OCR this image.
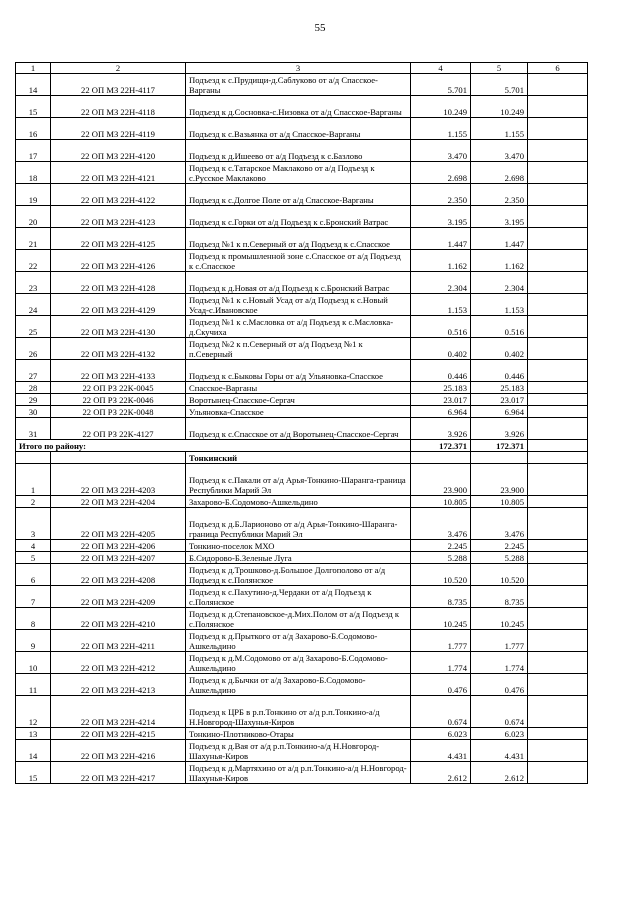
55
1	2	3	4	5	6
14	22 ОП МЗ 22Н-4117	Подъезд к с.Прудищи-д.Саблуково от а/д Спасское-Варганы	5.701	5.701	
15	22 ОП МЗ 22Н-4118	Подъезд к д.Сосновка-с.Низовка от а/д Спасское-Варганы	10.249	10.249	
16	22 ОП МЗ 22Н-4119	Подъезд к с.Вазьянка от а/д Спасское-Варганы	1.155	1.155	
17	22 ОП МЗ 22Н-4120	Подъезд к д.Ишеево от а/д Подъезд к с.Базлово	3.470	3.470	
18	22 ОП МЗ 22Н-4121	Подъезд к с.Татарское Маклаково от а/д Подъезд к с.Русское Маклаково	2.698	2.698	
19	22 ОП МЗ 22Н-4122	Подъезд к с.Долгое Поле от а/д Спасское-Варганы	2.350	2.350	
20	22 ОП МЗ 22Н-4123	Подъезд к с.Горки от а/д Подъезд к с.Бронский Ватрас	3.195	3.195	
21	22 ОП МЗ 22Н-4125	Подъезд №1 к п.Северный от а/д Подъезд к с.Спасское	1.447	1.447	
22	22 ОП МЗ 22Н-4126	Подъезд к промышленной зоне с.Спасское от а/д Подъезд к с.Спасское	1.162	1.162	
23	22 ОП МЗ 22Н-4128	Подъезд к д.Новая от а/д Подъезд к с.Бронский Ватрас	2.304	2.304	
24	22 ОП МЗ 22Н-4129	Подъезд №1 к с.Новый Усад от а/д Подъезд к с.Новый Усад-с.Ивановское	1.153	1.153	
25	22 ОП МЗ 22Н-4130	Подъезд №1 к с.Масловка от а/д Подъезд к с.Масловка-д.Скучиха	0.516	0.516	
26	22 ОП МЗ 22Н-4132	Подъезд №2 к п.Северный от а/д Подъезд №1 к п.Северный	0.402	0.402	
27	22 ОП МЗ 22Н-4133	Подъезд к с.Быковы Горы от а/д Ульяновка-Спасское	0.446	0.446	
28	22 ОП РЗ 22К-0045	Спасское-Варганы	25.183	25.183	
29	22 ОП РЗ 22К-0046	Воротынец-Спасское-Сергач	23.017	23.017	
30	22 ОП РЗ 22К-0048	Ульяновка-Спасское	6.964	6.964	
31	22 ОП РЗ 22К-4127	Подъезд к с.Спасское от а/д Воротынец-Спасское-Сергач	3.926	3.926	
Итого по району:			172.371	172.371	
		Тонкинский			
1	22 ОП МЗ 22Н-4203	Подъезд к с.Пакали от а/д Арья-Тонкино-Шаранга-граница Республики Марий Эл	23.900	23.900	
2	22 ОП МЗ 22Н-4204	Захарово-Б.Содомово-Ашкельдино	10.805	10.805	
3	22 ОП МЗ 22Н-4205	Подъезд к д.Б.Ларионово от а/д Арья-Тонкино-Шаранга-граница Республики Марий Эл	3.476	3.476	
4	22 ОП МЗ 22Н-4206	Тонкино-поселок МХО	2.245	2.245	
5	22 ОП МЗ 22Н-4207	Б.Сидорово-Б.Зеленые Луга	5.288	5.288	
6	22 ОП МЗ 22Н-4208	Подъезд к д.Трошково-д.Большое Долгополово от а/д Подъезд к с.Полянское	10.520	10.520	
7	22 ОП МЗ 22Н-4209	Подъезд к с.Пахутино-д.Чердаки от а/д Подъезд к с.Полянское	8.735	8.735	
8	22 ОП МЗ 22Н-4210	Подъезд к д.Степановское-д.Мих.Полом от а/д Подъезд к с.Полянское	10.245	10.245	
9	22 ОП МЗ 22Н-4211	Подъезд к д.Прыткого от а/д Захарово-Б.Содомово-Ашкельдино	1.777	1.777	
10	22 ОП МЗ 22Н-4212	Подъезд к д.М.Содомово от а/д Захарово-Б.Содомово-Ашкельдино	1.774	1.774	
11	22 ОП МЗ 22Н-4213	Подъезд к д.Бычки от а/д Захарово-Б.Содомово-Ашкельдино	0.476	0.476	
12	22 ОП МЗ 22Н-4214	Подъезд к ЦРБ в р.п.Тонкино от а/д р.п.Тонкино-а/д Н.Новгород-Шахунья-Киров	0.674	0.674	
13	22 ОП МЗ 22Н-4215	Тонкино-Плотниково-Отары	6.023	6.023	
14	22 ОП МЗ 22Н-4216	Подъезд к д.Вая от а/д р.п.Тонкино-а/д Н.Новгород-Шахунья-Киров	4.431	4.431	
15	22 ОП МЗ 22Н-4217	Подъезд к д.Мартяхино от а/д р.п.Тонкино-а/д Н.Новгород-Шахунья-Киров	2.612	2.612	
